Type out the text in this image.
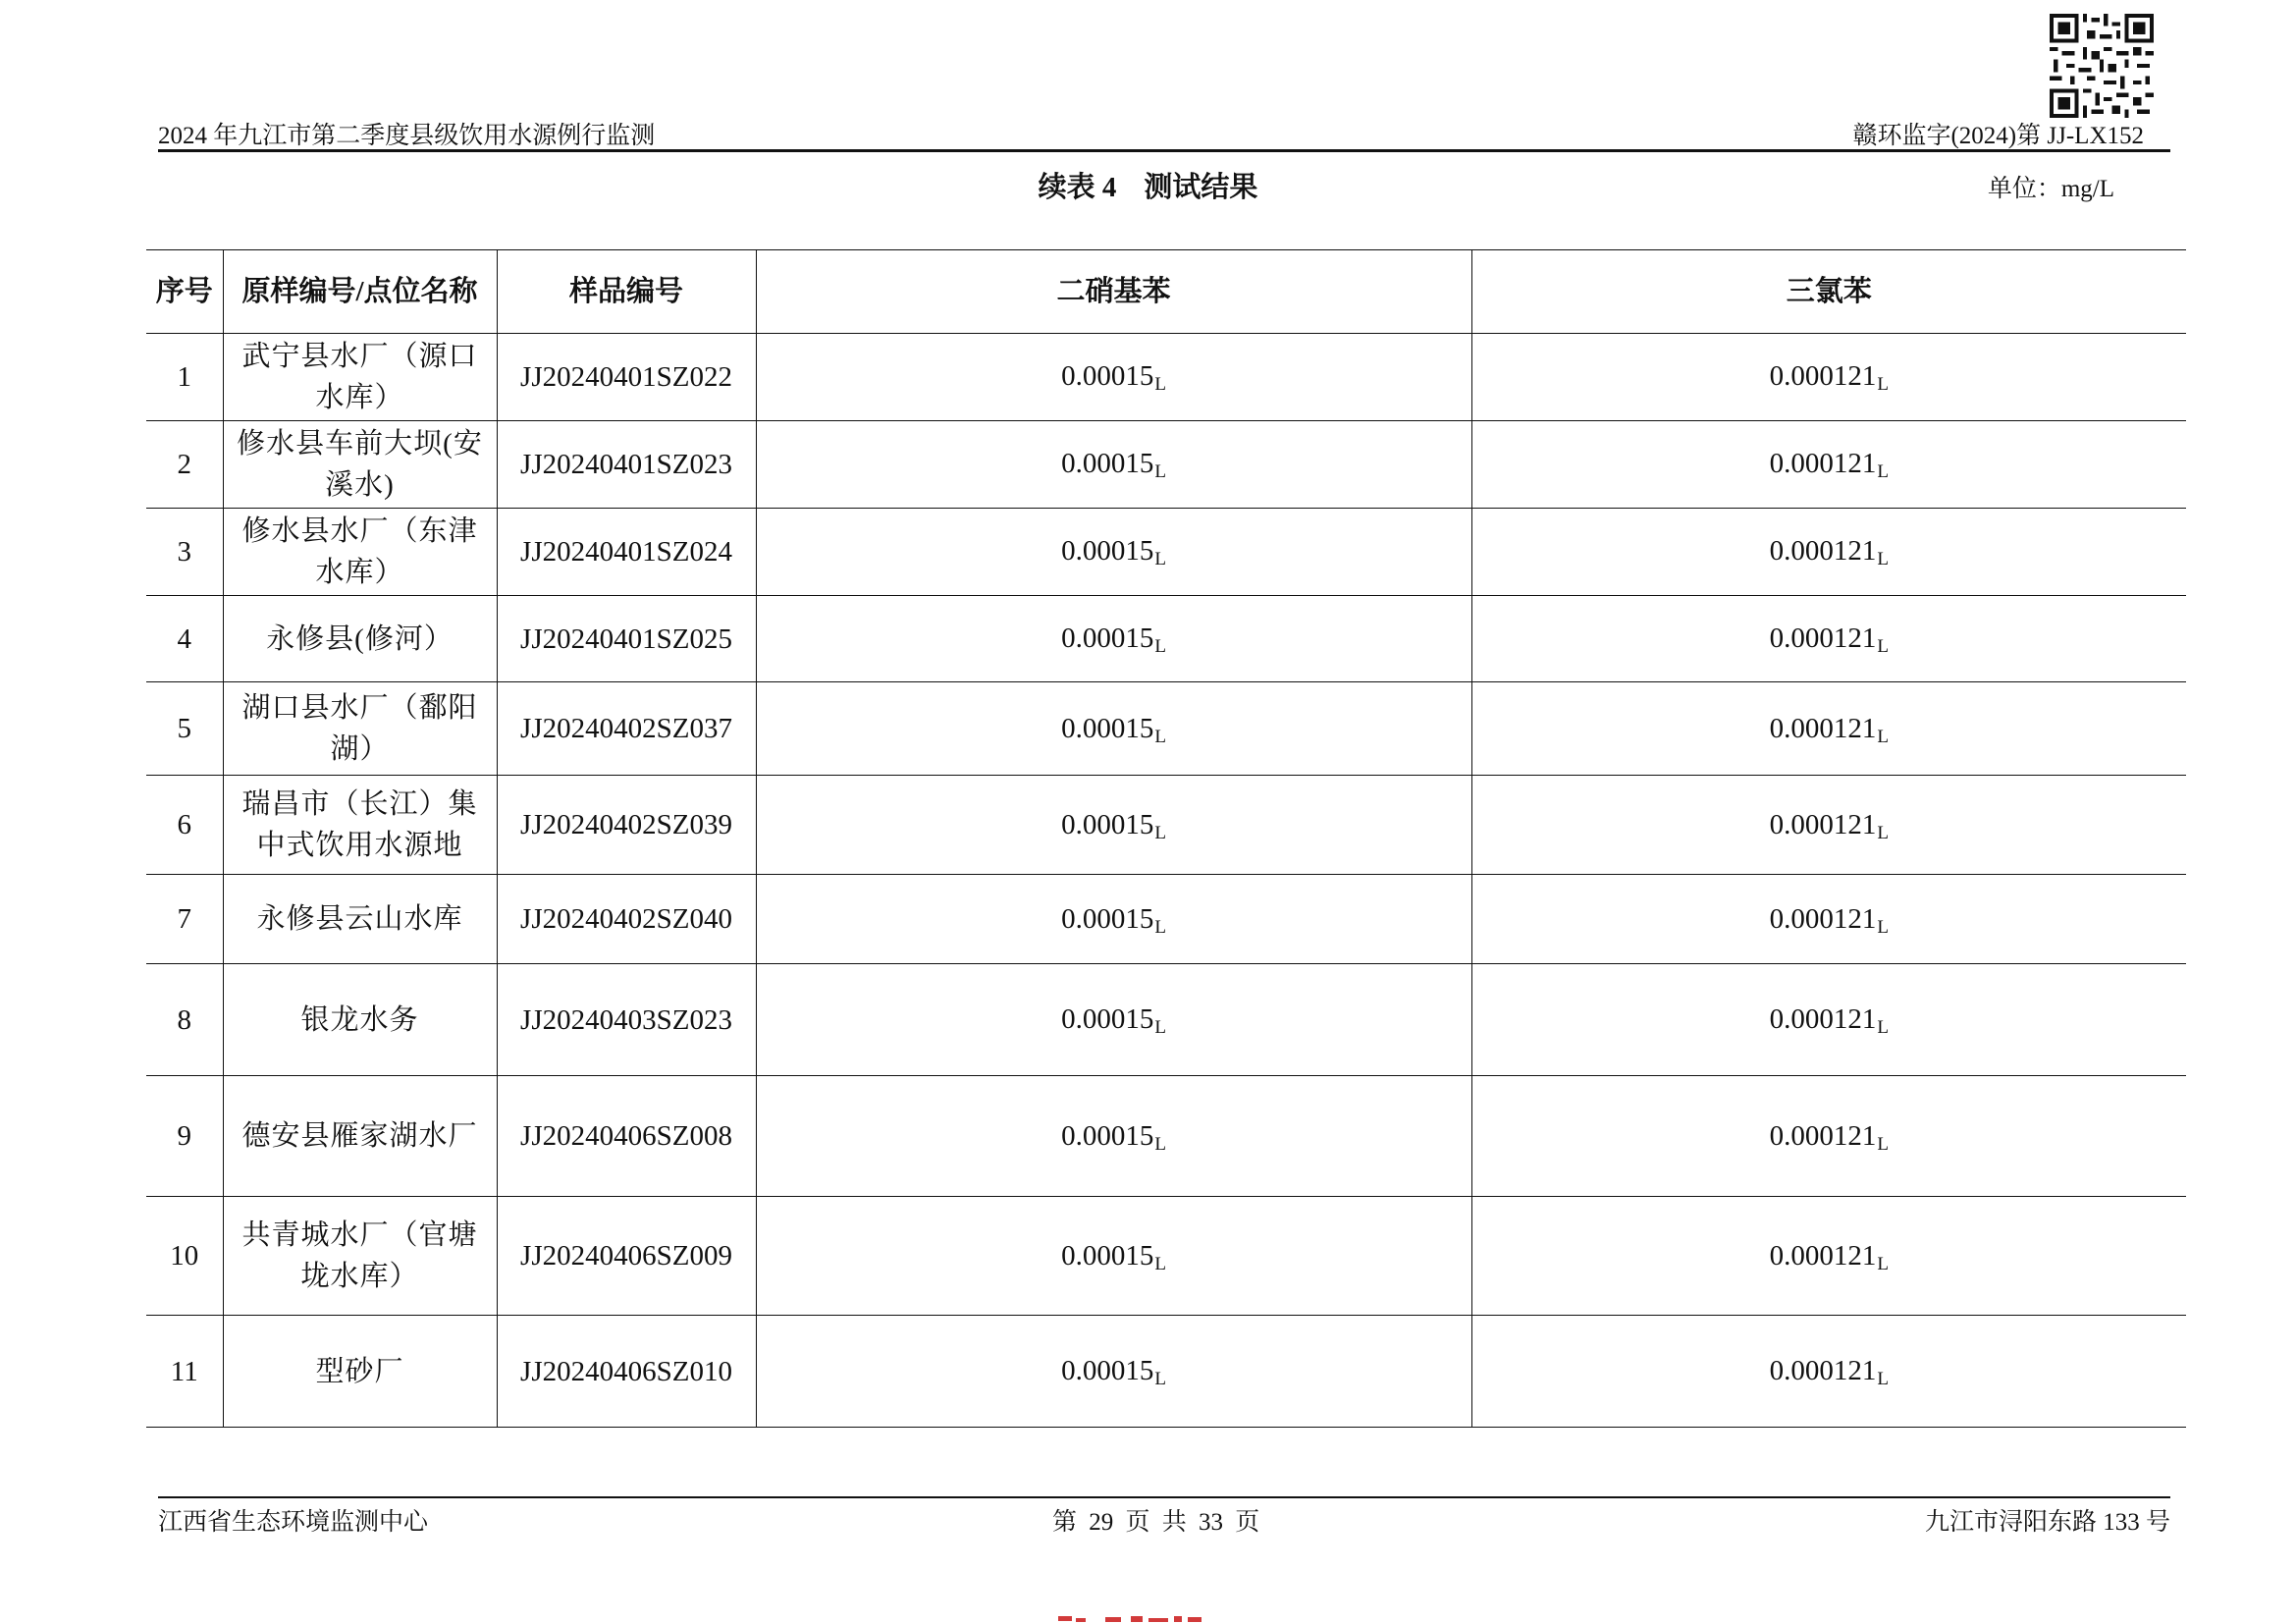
2024 年九江市第二季度县级饮用水源例行监测	赣环监字(2024)第 JJ-LX152
续表 4 测试结果	单位：mg/L
序号	原样编号/点位名称	样品编号	二硝基苯	三氯苯
1	武宁县水厂（源口水库）	JJ20240401SZ022	$0.00015_L$	$0.000121_L$
2	修水县车前大坝(安溪水)	JJ20240401SZ023	$0.00015_L$	$0.000121_L$
3	修水县水厂（东津水库）	JJ20240401SZ024	$0.00015_L$	$0.000121_L$
4	永修县(修河）	JJ20240401SZ025	$0.00015_L$	$0.000121_L$
5	湖口县水厂（鄱阳湖）	JJ20240402SZ037	$0.00015_L$	$0.000121_L$
6	瑞昌市（长江）集中式饮用水源地	JJ20240402SZ039	$0.00015_L$	$0.000121_L$
7	永修县云山水库	JJ20240402SZ040	$0.00015_L$	$0.000121_L$
8	银龙水务	JJ20240403SZ023	$0.00015_L$	$0.000121_L$
9	德安县雁家湖水厂	JJ20240406SZ008	$0.00015_L$	$0.000121_L$
10	共青城水厂（官塘垅水库）	JJ20240406SZ009	$0.00015_L$	$0.000121_L$
11	型砂厂	JJ20240406SZ010	$0.00015_L$	$0.000121_L$
江西省生态环境监测中心	第 29 页 共 33 页	九江市浔阳东路 133 号
